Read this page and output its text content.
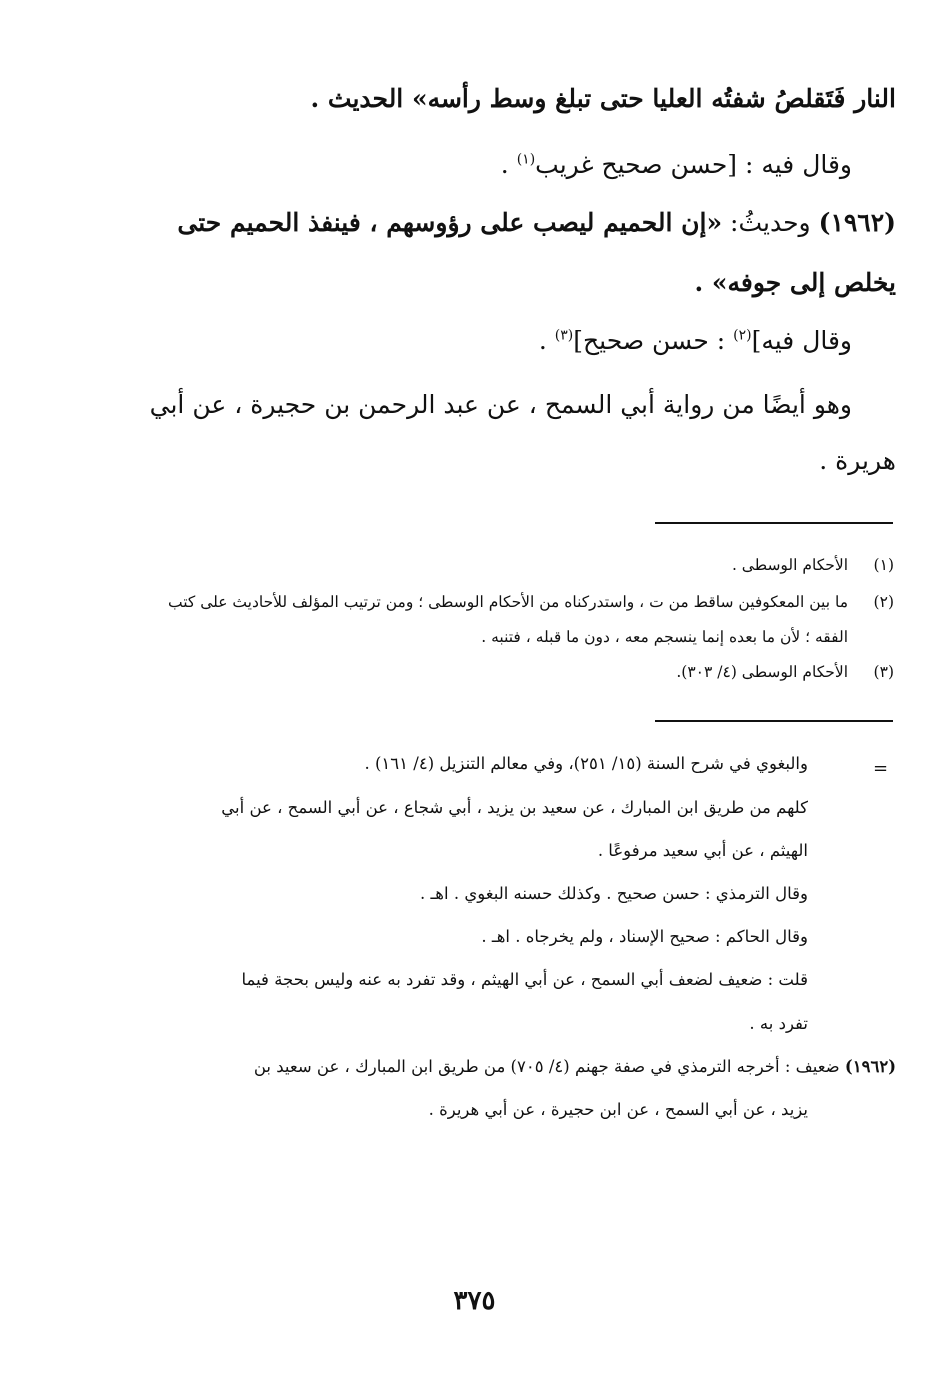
النار فَتَقلصُ شفتُه العليا حتى تبلغ وسط رأسه» الحديث .
وقال فيه : [حسن صحيح غريب$^{(١)}$ .
(١٩٦٢) وحديثُ: «إن الحميم ليصب على رؤوسهم ، فينفذ الحميم حتى
يخلص إلى جوفه» .
وقال فيه]$^{(٢)}$ : حسن صحيح]$^{(٣)}$ .
وهو أيضًا من رواية أبي السمح ، عن عبد الرحمن بن حجيرة ، عن أبي
هريرة .
(١)
الأحكام الوسطى .
(٢)
ما بين المعكوفين ساقط من ت ، واستدركناه من الأحكام الوسطى ؛ ومن ترتيب المؤلف للأحاديث على كتب
الفقه ؛ لأن ما بعده إنما ينسجم معه ، دون ما قبله ، فتنبه .
(٣)
الأحكام الوسطى (٤/ ٣٠٣).
=
والبغوي في شرح السنة (١٥/ ٢٥١)، وفي معالم التنزيل (٤/ ١٦١) .
كلهم من طريق ابن المبارك ، عن سعيد بن يزيد ، أبي شجاع ، عن أبي السمح ، عن أبي
الهيثم ، عن أبي سعيد مرفوعًا .
وقال الترمذي : حسن صحيح . وكذلك حسنه البغوي . اهـ .
وقال الحاكم : صحيح الإسناد ، ولم يخرجاه . اهـ .
قلت : ضعيف لضعف أبي السمح ، عن أبي الهيثم ، وقد تفرد به عنه وليس بحجة فيما
تفرد به .
(١٩٦٢) ضعيف : أخرجه الترمذي في صفة جهنم (٤/ ٧٠٥) من طريق ابن المبارك ، عن سعيد بن
يزيد ، عن أبي السمح ، عن ابن حجيرة ، عن أبي هريرة .
٣٧٥
